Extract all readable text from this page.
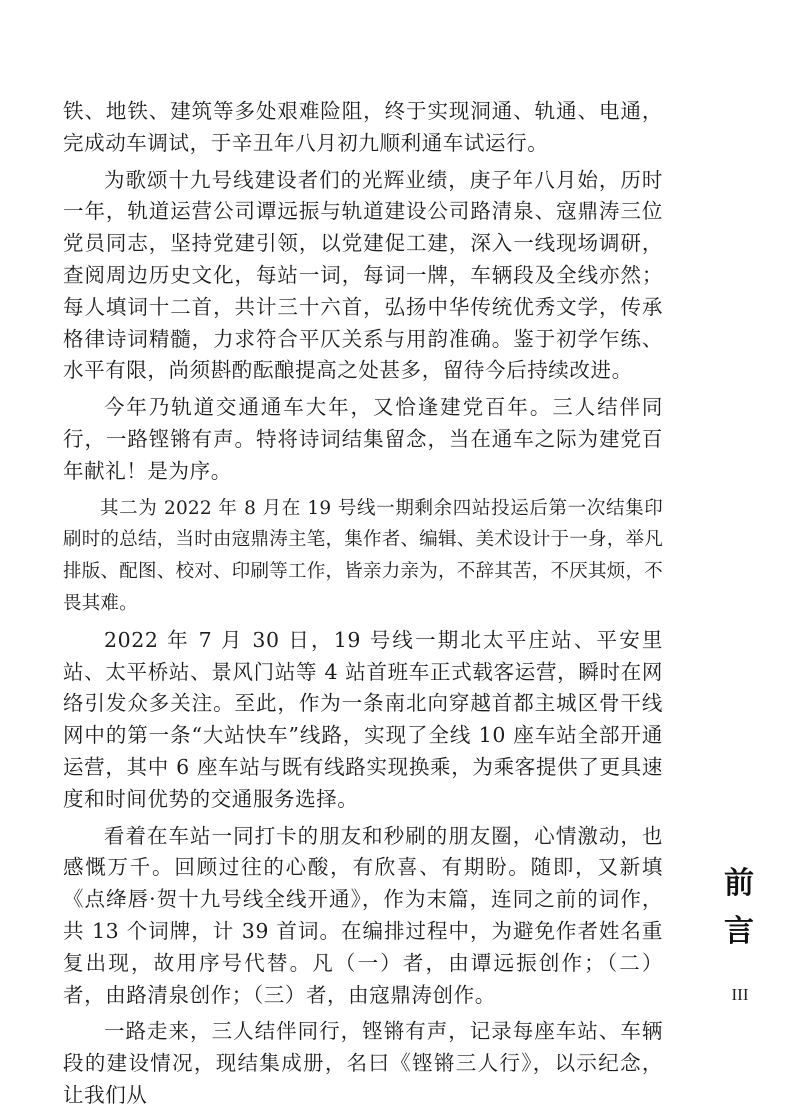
铁、地铁、建筑等多处艰难险阻，终于实现洞通、轨通、电通，完成动车调试，于辛丑年八月初九顺利通车试运行。

为歌颂十九号线建设者们的光辉业绩，庚子年八月始，历时一年，轨道运营公司谭远振与轨道建设公司路清泉、寇鼎涛三位党员同志，坚持党建引领，以党建促工建，深入一线现场调研，查阅周边历史文化，每站一词，每词一牌，车辆段及全线亦然；每人填词十二首，共计三十六首，弘扬中华传统优秀文学，传承格律诗词精髓，力求符合平仄关系与用韵准确。鉴于初学乍练、水平有限，尚须斟酌酝酿提高之处甚多，留待今后持续改进。

今年乃轨道交通通车大年，又恰逢建党百年。三人结伴同行，一路铿锵有声。特将诗词结集留念，当在通车之际为建党百年献礼！是为序。

其二为 2022 年 8 月在 19 号线一期剩余四站投运后第一次结集印刷时的总结，当时由寇鼎涛主笔，集作者、编辑、美术设计于一身，举凡排版、配图、校对、印刷等工作，皆亲力亲为，不辞其苦，不厌其烦，不畏其难。

2022 年 7 月 30 日，19 号线一期北太平庄站、平安里站、太平桥站、景风门站等 4 站首班车正式载客运营，瞬时在网络引发众多关注。至此，作为一条南北向穿越首都主城区骨干线网中的第一条“大站快车”线路，实现了全线 10 座车站全部开通运营，其中 6 座车站与既有线路实现换乘，为乘客提供了更具速度和时间优势的交通服务选择。

看着在车站一同打卡的朋友和秒刷的朋友圈，心情激动，也感慨万千。回顾过往的心酸，有欣喜、有期盼。随即，又新填《点绛唇·贺十九号线全线开通》，作为末篇，连同之前的词作，共 13 个词牌，计 39 首词。在编排过程中，为避免作者姓名重复出现，故用序号代替。凡（一）者，由谭远振创作；（二）者，由路清泉创作；（三）者，由寇鼎涛创作。

一路走来，三人结伴同行，铿锵有声，记录每座车站、车辆段的建设情况，现结集成册，名曰《铿锵三人行》，以示纪念，让我们从

前
言
III
